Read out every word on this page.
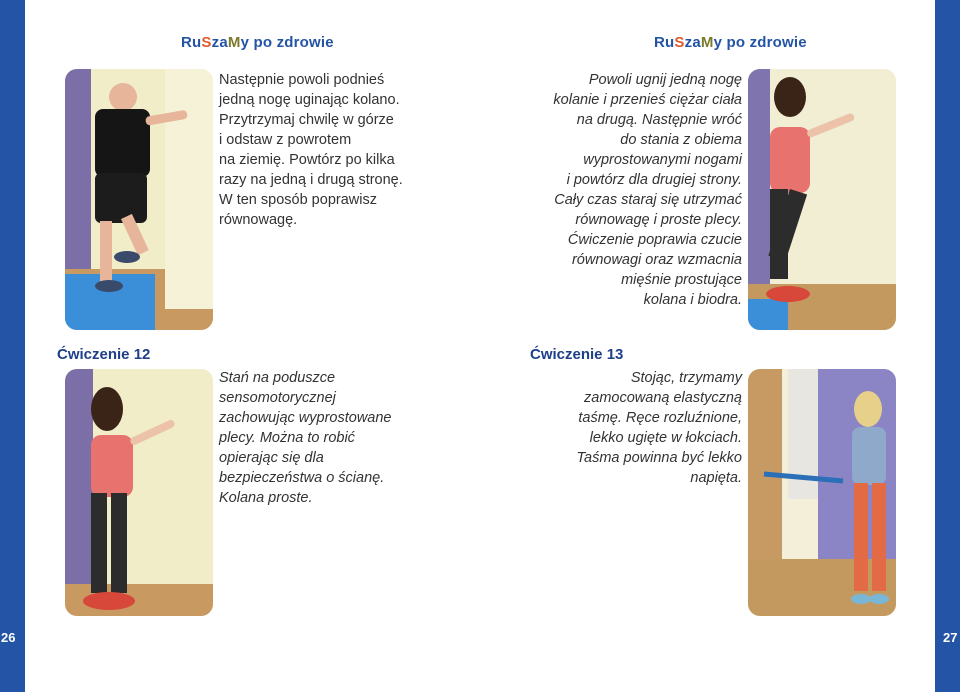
26	27
RuSzaMy po zdrowie	RuSzaMy po zdrowie
Następnie powoli podnieś
jedną nogę uginając kolano.
Przytrzymaj chwilę w górze
i odstaw z powrotem
na ziemię. Powtórz po kilka
razy na jedną i drugą stronę.
W ten sposób poprawisz
równowagę.
Powoli ugnij jedną nogę
kolanie i przenieś ciężar ciała
na drugą. Następnie wróć
do stania z obiema
wyprostowanymi nogami
i powtórz dla drugiej strony.
Cały czas staraj się utrzymać
równowagę i proste plecy.
Ćwiczenie poprawia czucie
równowagi oraz wzmacnia
mięśnie prostujące
kolana i biodra.
Ćwiczenie 12
Stań na poduszce
sensomotorycznej
zachowując wyprostowane
plecy. Można to robić
opierając się dla
bezpieczeństwa o ścianę.
Kolana proste.
Ćwiczenie 13
Stojąc, trzymamy
zamocowaną elastyczną
taśmę. Ręce rozluźnione,
lekko ugięte w łokciach.
Taśma powinna być lekko
napięta.
